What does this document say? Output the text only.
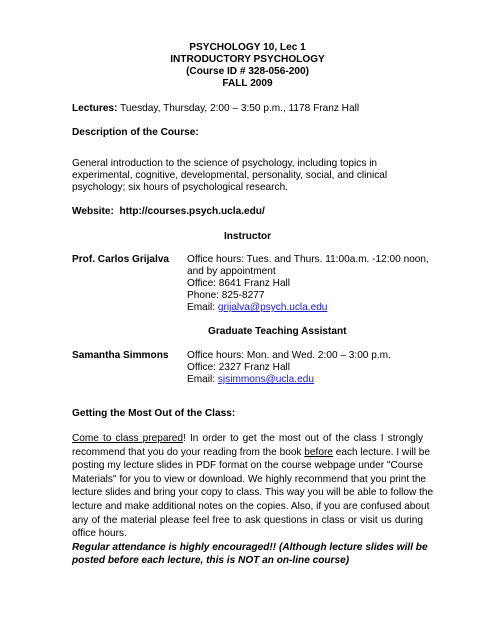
PSYCHOLOGY 10, Lec 1
INTRODUCTORY PSYCHOLOGY
(Course ID # 328-056-200)
FALL 2009
Lectures: Tuesday, Thursday, 2:00 – 3:50 p.m., 1178 Franz Hall
Description of the Course:
General introduction to the science of psychology, including topics in
experimental, cognitive, developmental, personality, social, and clinical
psychology; six hours of psychological research.
Website: http://courses.psych.ucla.edu/
Instructor
Prof. Carlos Grijalva Office hours: Tues. and Thurs. 11:00a.m. -12:00 noon,
and by appointment
Office: 8641 Franz Hall
Phone: 825-8277
Email: grijalva@psych.ucla.edu
Graduate Teaching Assistant
Samantha Simmons Office hours: Mon. and Wed. 2:00 – 3:00 p.m.
Office: 2327 Franz Hall
Email: sjsimmons@ucla.edu
Getting the Most Out of the Class:
Come to class prepared! In order to get the most out of the class I strongly
recommend that you do your reading from the book before each lecture. I will be
posting my lecture slides in PDF format on the course webpage under "Course
Materials" for you to view or download. We highly recommend that you print the
lecture slides and bring your copy to class. This way you will be able to follow the
lecture and make additional notes on the copies. Also, if you are confused about
any of the material please feel free to ask questions in class or visit us during
office hours.
Regular attendance is highly encouraged!! (Although lecture slides will be
posted before each lecture, this is NOT an on-line course)
